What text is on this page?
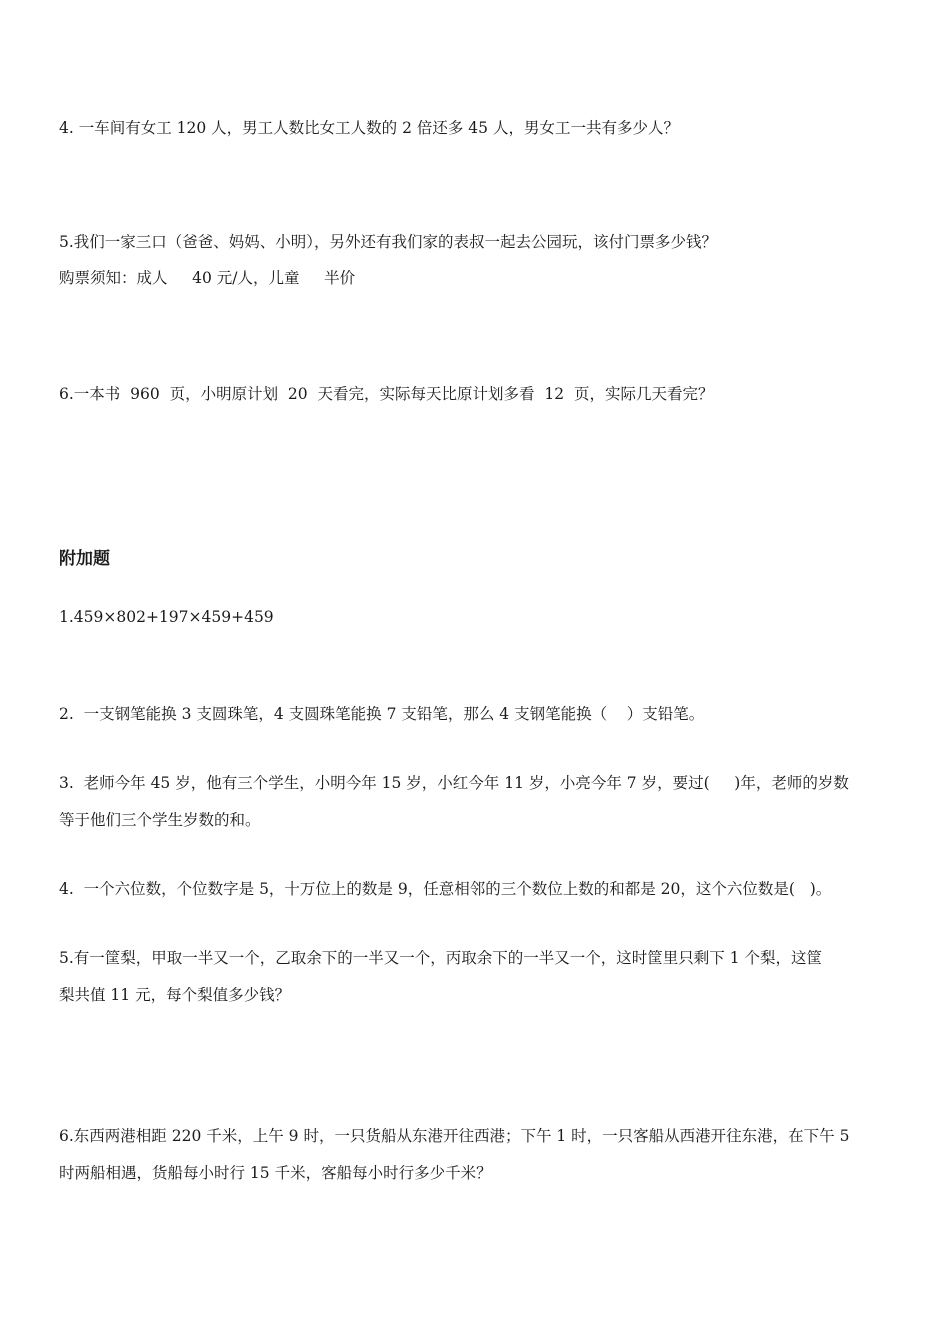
4. 一车间有女工 120 人，男工人数比女工人数的 2 倍还多 45 人，男女工一共有多少人？
5.我们一家三口（爸爸、妈妈、小明），另外还有我们家的表叔一起去公园玩，该付门票多少钱？
购票须知：成人     40 元/人，儿童     半价
6.一本书  960  页，小明原计划  20  天看完，实际每天比原计划多看  12  页，实际几天看完？
附加题
1.459×802+197×459+459
2.  一支钢笔能换 3 支圆珠笔，4 支圆珠笔能换 7 支铅笔，那么 4 支钢笔能换（    ）支铅笔。
3.  老师今年 45 岁，他有三个学生，小明今年 15 岁，小红今年 11 岁，小亮今年 7 岁，要过(     )年，老师的岁数
等于他们三个学生岁数的和。
4.  一个六位数，个位数字是 5，十万位上的数是 9，任意相邻的三个数位上数的和都是 20，这个六位数是(   )。
5.有一筐梨，甲取一半又一个，乙取余下的一半又一个，丙取余下的一半又一个，这时筐里只剩下 1 个梨，这筐
梨共值 11 元，每个梨值多少钱？
6.东西两港相距 220 千米，上午 9 时，一只货船从东港开往西港；下午 1 时，一只客船从西港开往东港，在下午 5
时两船相遇，货船每小时行 15 千米，客船每小时行多少千米？
